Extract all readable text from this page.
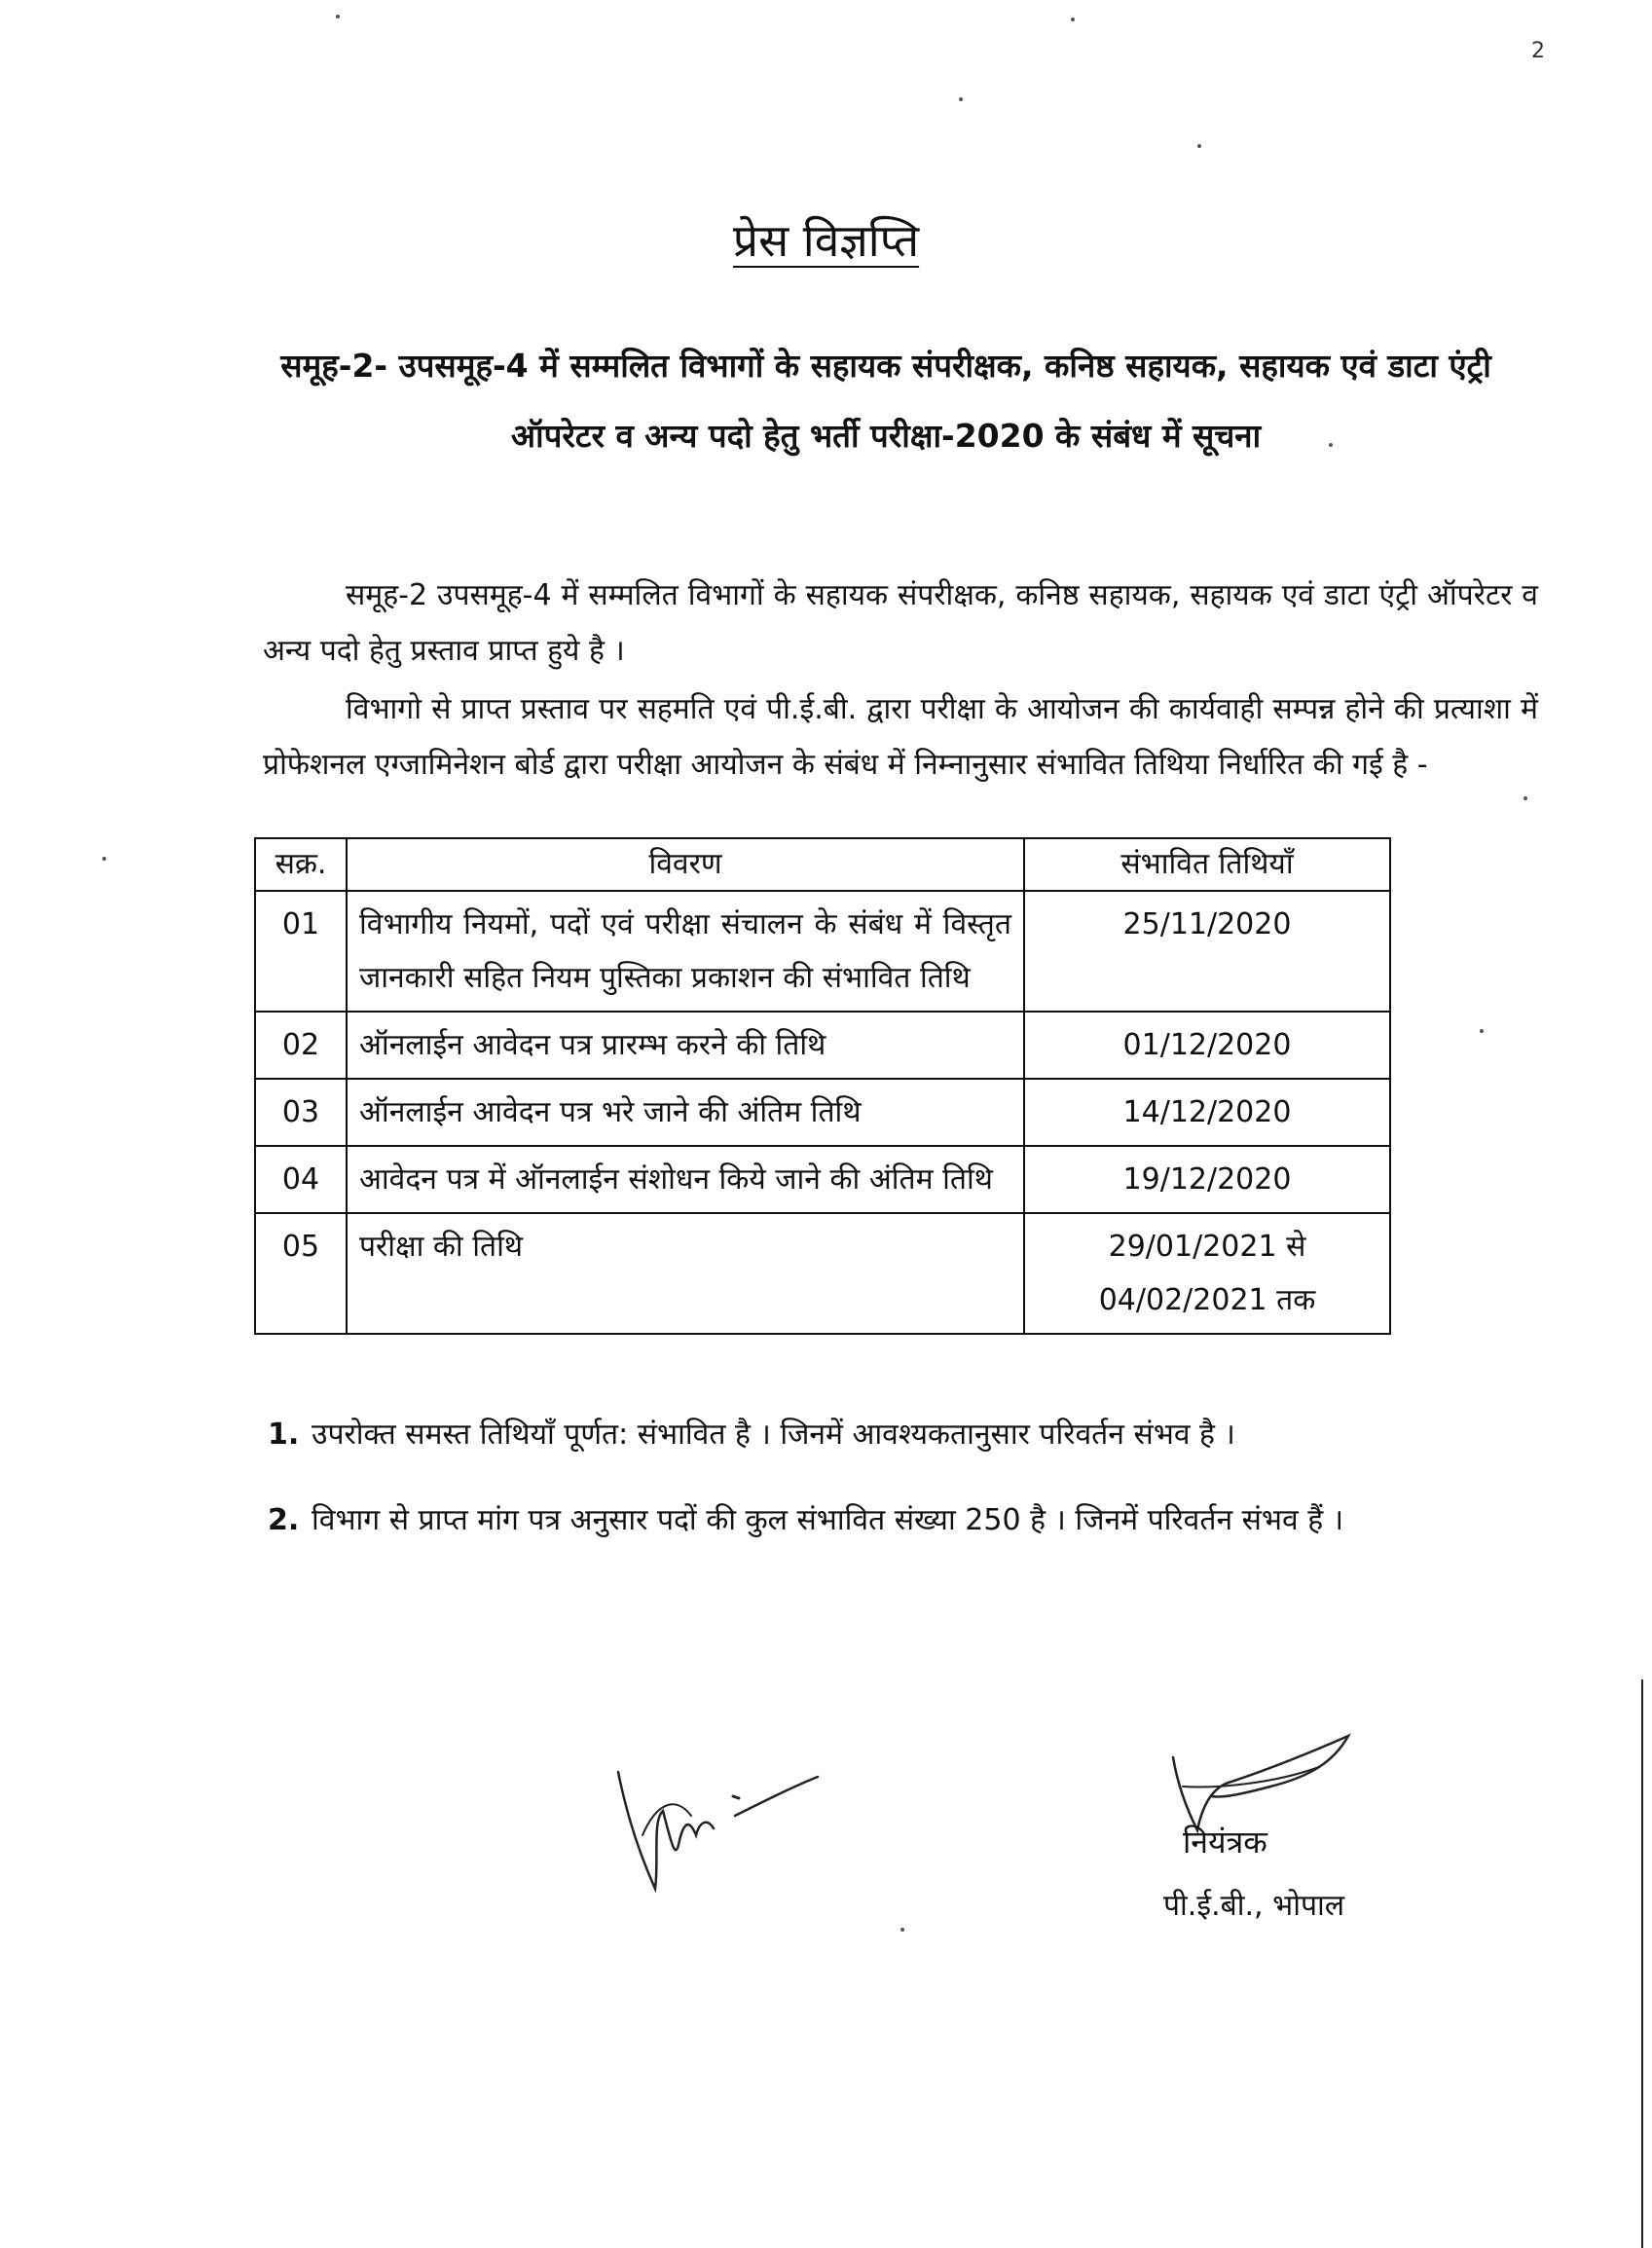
2
प्रेस विज्ञप्ति
समूह-2- उपसमूह-4 में सम्मलित विभागों के सहायक संपरीक्षक, कनिष्ठ सहायक, सहायक एवं डाटा एंट्री ऑपरेटर व अन्य पदो हेतु भर्ती परीक्षा-2020 के संबंध में सूचना

समूह-2 उपसमूह-4 में सम्मलित विभागों के सहायक संपरीक्षक, कनिष्ठ सहायक, सहायक एवं डाटा एंट्री ऑपरेटर व अन्य पदो हेतु प्रस्ताव प्राप्त हुये है ।

विभागो से प्राप्त प्रस्ताव पर सहमति एवं पी.ई.बी. द्वारा परीक्षा के आयोजन की कार्यवाही सम्पन्न होने की प्रत्याशा में प्रोफेशनल एग्जामिनेशन बोर्ड द्वारा परीक्षा आयोजन के संबंध में निम्नानुसार संभावित तिथिया निर्धारित की गई है -

सक्र.	विवरण	संभावित तिथियाँ
01	विभागीय नियमों, पदों एवं परीक्षा संचालन के संबंध में विस्तृत जानकारी सहित नियम पुस्तिका प्रकाशन की संभावित तिथि	25/11/2020
02	ऑनलाईन आवेदन पत्र प्रारम्भ करने की तिथि	01/12/2020
03	ऑनलाईन आवेदन पत्र भरे जाने की अंतिम तिथि	14/12/2020
04	आवेदन पत्र में ऑनलाईन संशोधन किये जाने की अंतिम तिथि	19/12/2020
05	परीक्षा की तिथि	29/01/2021 से
04/02/2021 तक
1. उपरोक्त समस्त तिथियाँ पूर्णत: संभावित है । जिनमें आवश्यकतानुसार परिवर्तन संभव है ।
2. विभाग से प्राप्त मांग पत्र अनुसार पदों की कुल संभावित संख्या 250 है । जिनमें परिवर्तन संभव हैं ।
नियंत्रक
पी.ई.बी., भोपाल
